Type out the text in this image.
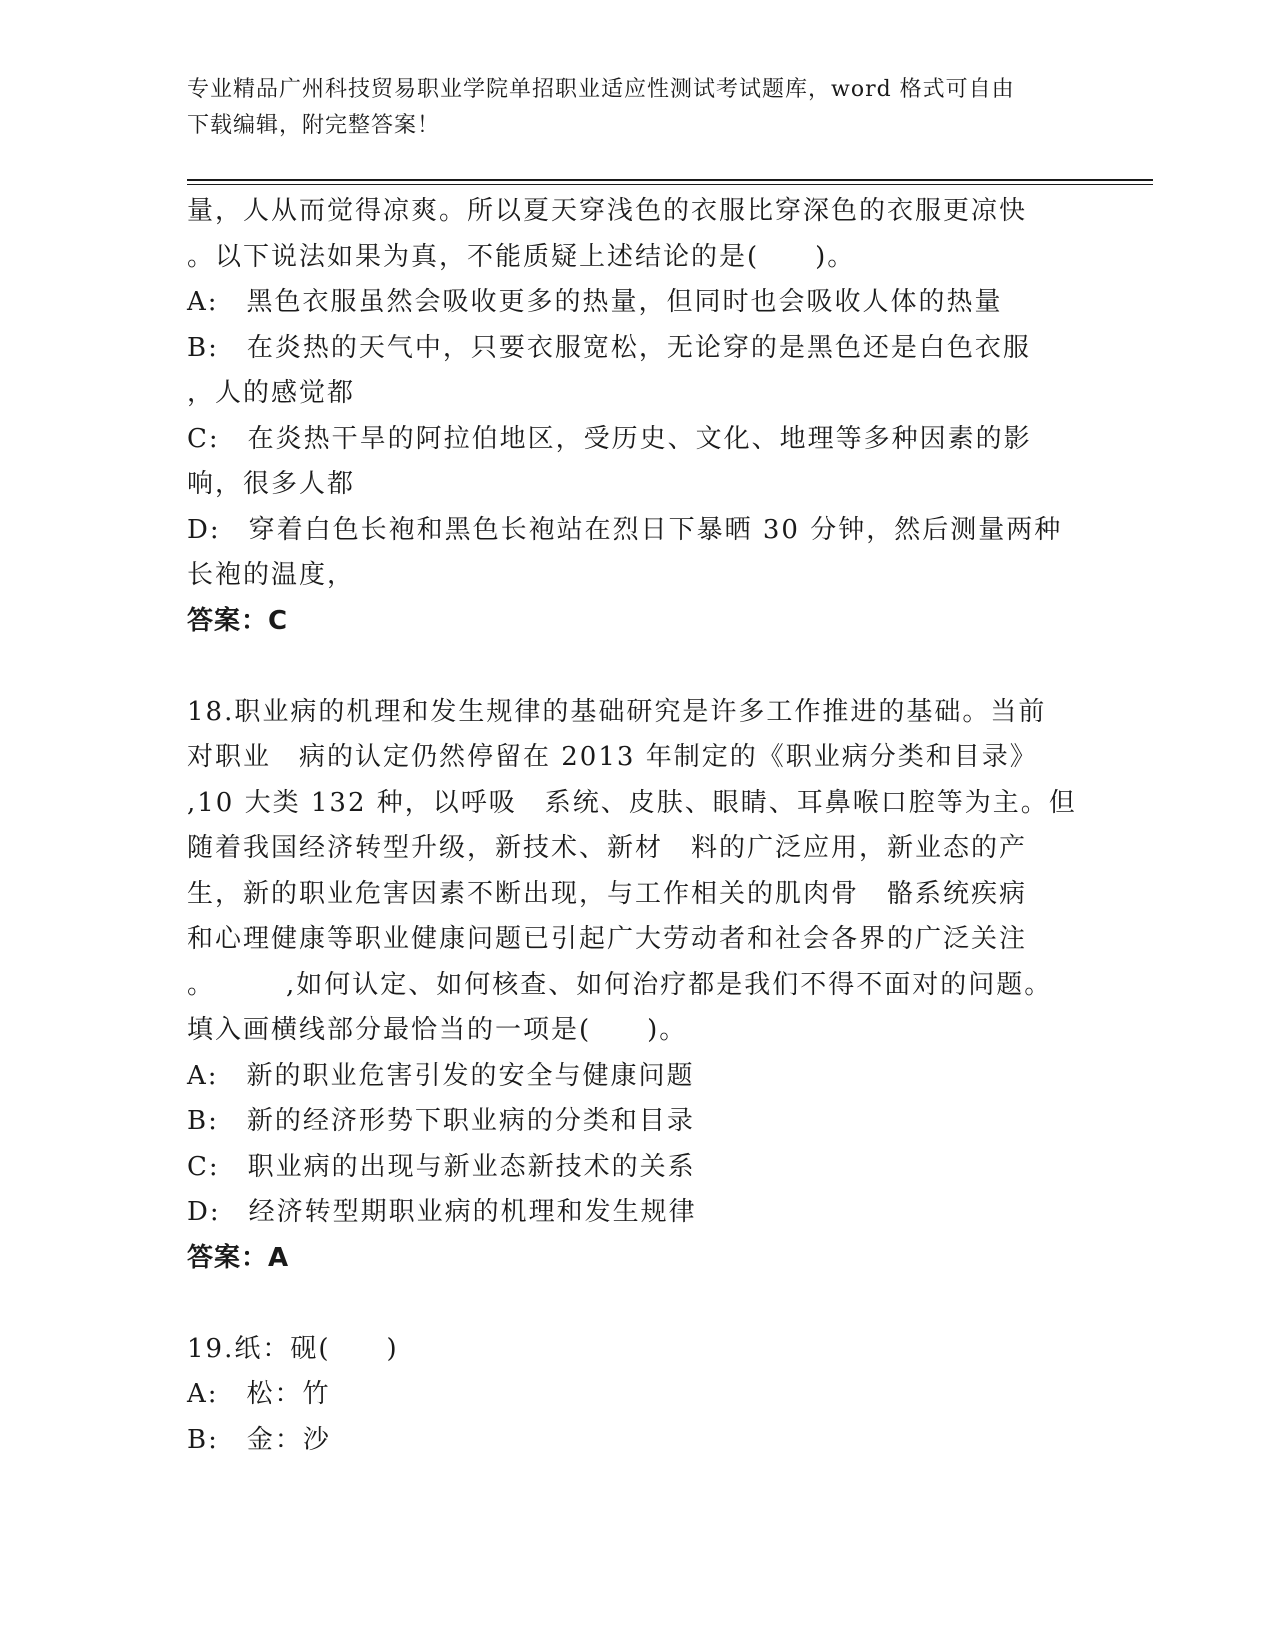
专业精品广州科技贸易职业学院单招职业适应性测试考试题库，word 格式可自由
下载编辑，附完整答案！
量，人从而觉得凉爽。所以夏天穿浅色的衣服比穿深色的衣服更凉快
。以下说法如果为真，不能质疑上述结论的是(　　)。
A:　黑色衣服虽然会吸收更多的热量，但同时也会吸收人体的热量
B:　在炎热的天气中，只要衣服宽松，无论穿的是黑色还是白色衣服
，人的感觉都
C:　在炎热干旱的阿拉伯地区，受历史、文化、地理等多种因素的影
响，很多人都
D:　穿着白色长袍和黑色长袍站在烈日下暴晒 30 分钟，然后测量两种
长袍的温度，
答案：C
18.职业病的机理和发生规律的基础研究是许多工作推进的基础。当前
对职业　病的认定仍然停留在 2013 年制定的《职业病分类和目录》
,10 大类 132 种，以呼吸　系统、皮肤、眼睛、耳鼻喉口腔等为主。但
随着我国经济转型升级，新技术、新材　料的广泛应用，新业态的产
生，新的职业危害因素不断出现，与工作相关的肌肉骨　骼系统疾病
和心理健康等职业健康问题已引起广大劳动者和社会各界的广泛关注
。　　　,如何认定、如何核查、如何治疗都是我们不得不面对的问题。
填入画横线部分最恰当的一项是(　　)。
A:　新的职业危害引发的安全与健康问题
B:　新的经济形势下职业病的分类和目录
C:　职业病的出现与新业态新技术的关系
D:　经济转型期职业病的机理和发生规律
答案：A
19.纸：砚(　　)
A:　松：竹
B:　金：沙
